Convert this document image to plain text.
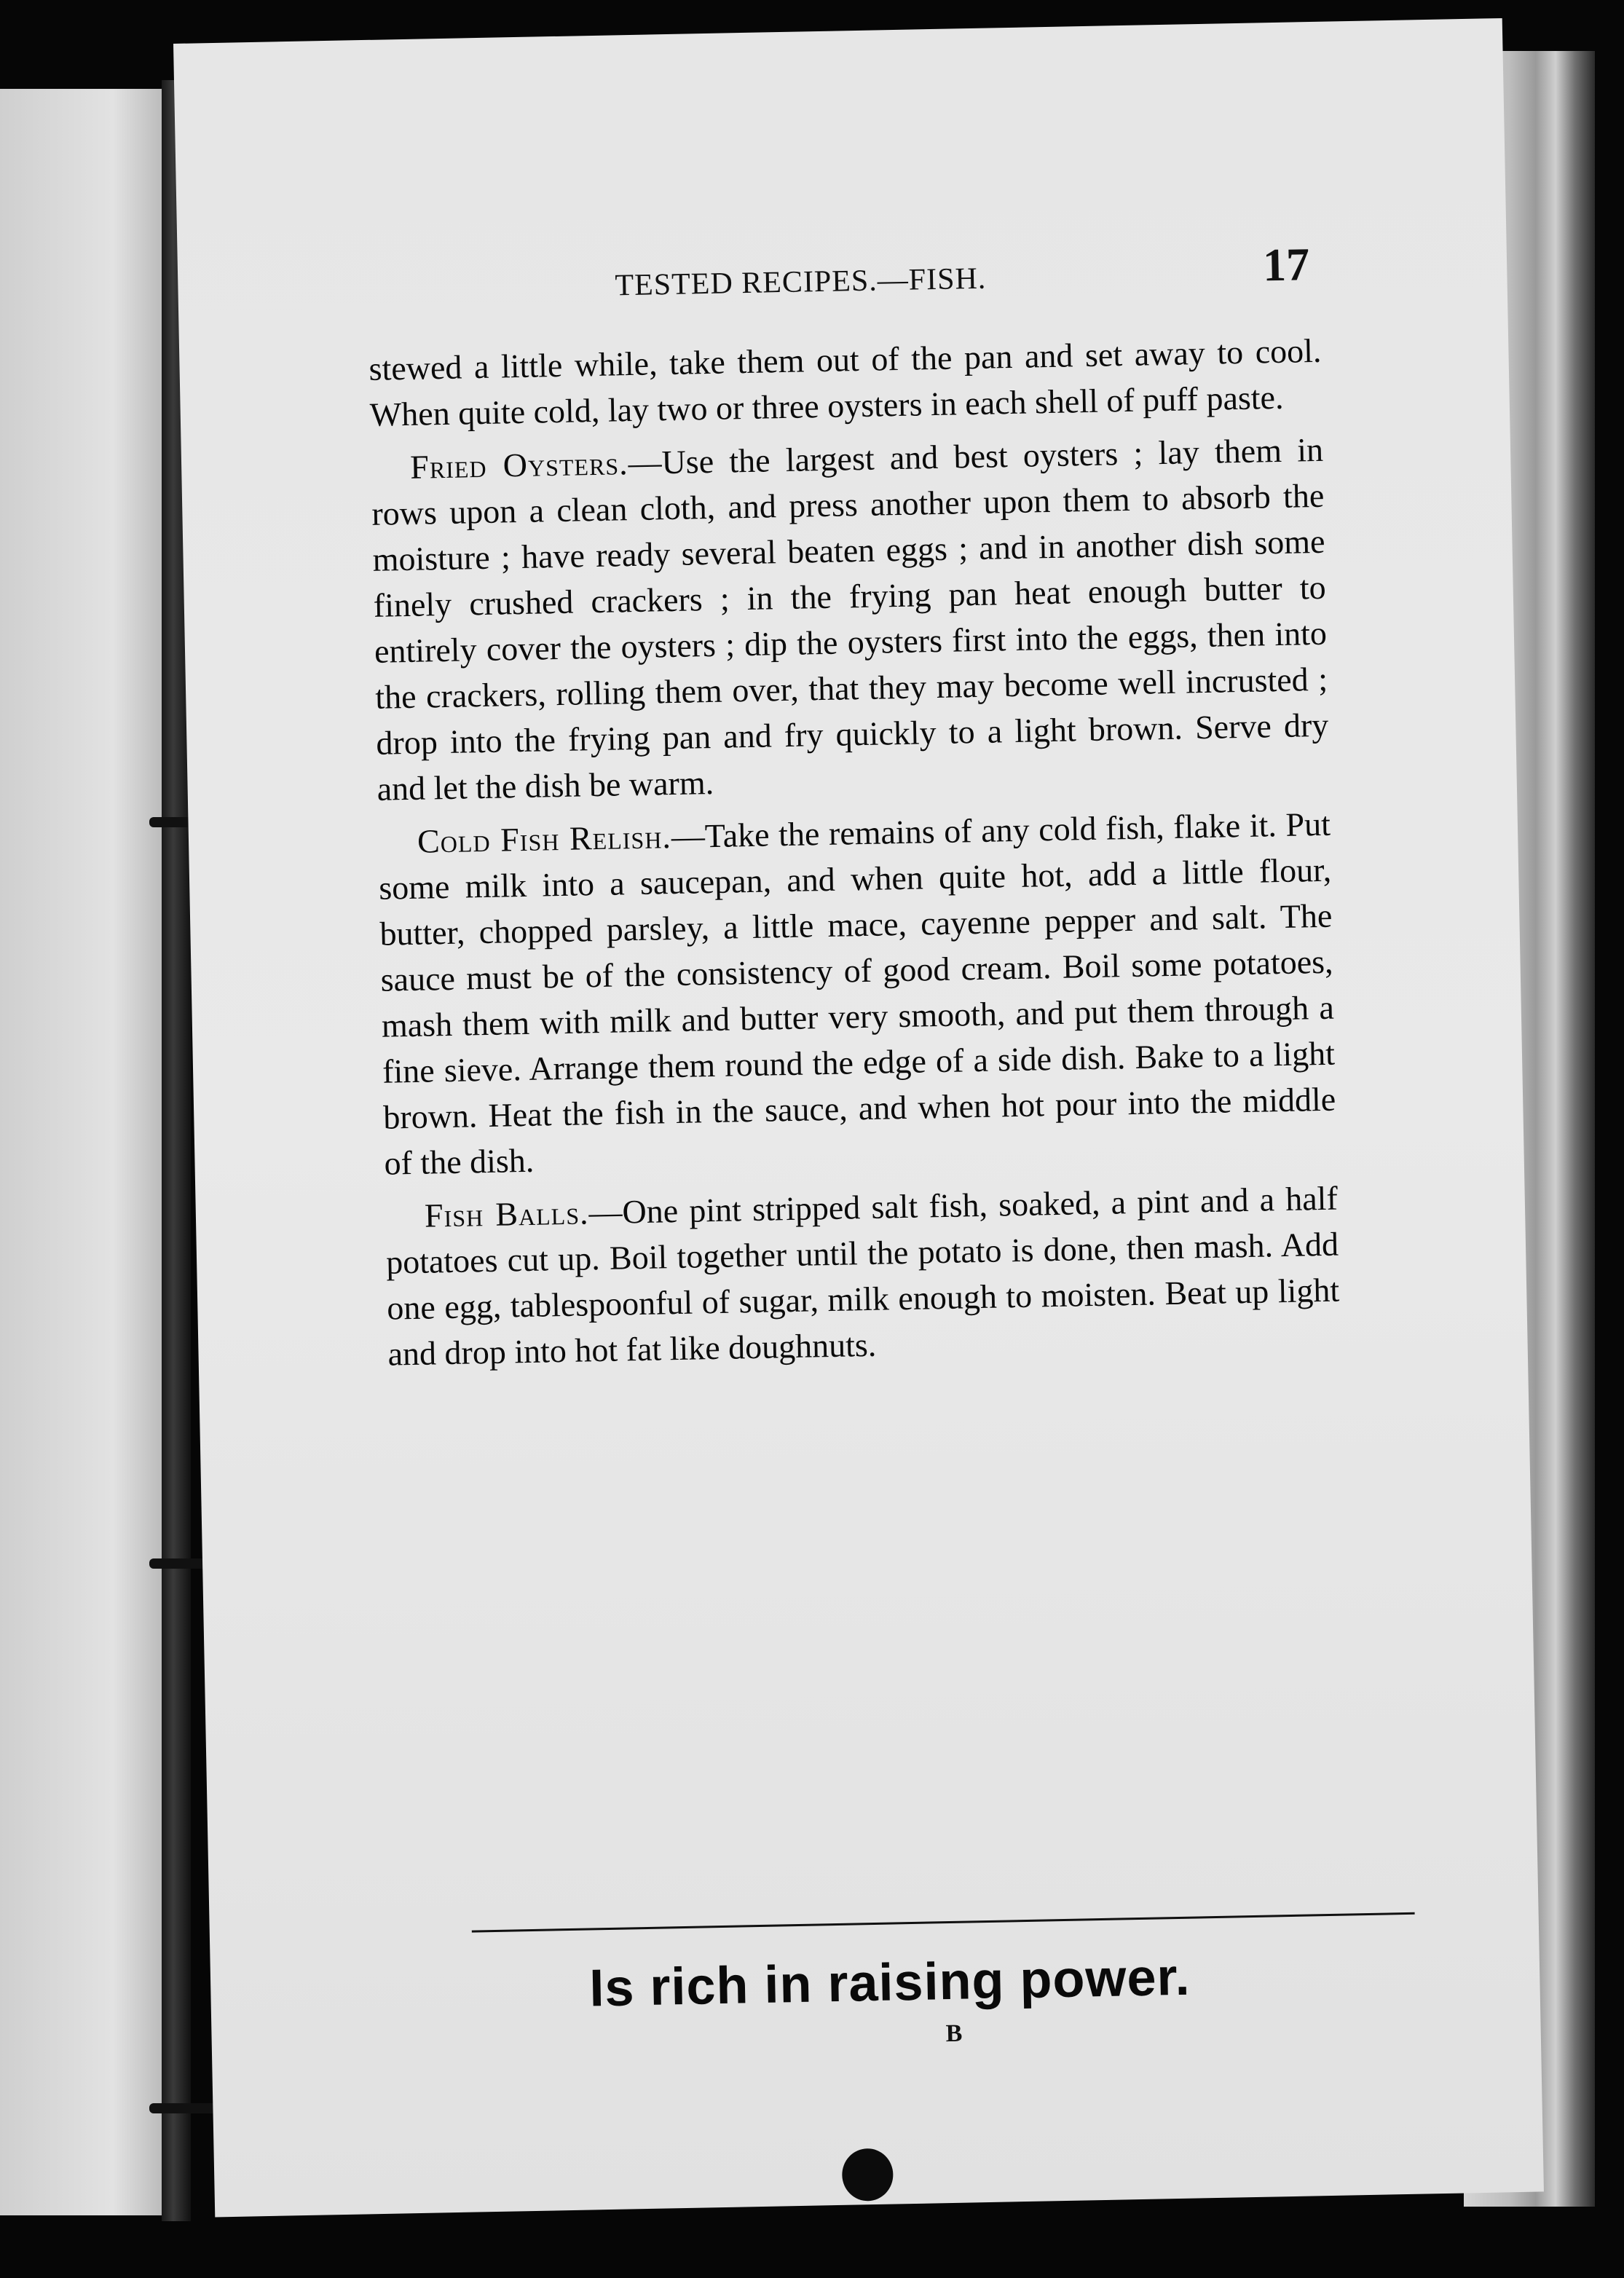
TESTED RECIPES.—FISH.	17

stewed a little while, take them out of the pan and set away to cool. When quite cold, lay two or three oysters in each shell of puff paste.

Fried Oysters.—Use the largest and best oysters ; lay them in rows upon a clean cloth, and press another upon them to absorb the moisture ; have ready several beaten eggs ; and in another dish some finely crushed crackers ; in the frying pan heat enough butter to entirely cover the oysters ; dip the oysters first into the eggs, then into the crackers, rolling them over, that they may become well incrusted ; drop into the frying pan and fry quickly to a light brown. Serve dry and let the dish be warm.

Cold Fish Relish.—Take the remains of any cold fish, flake it. Put some milk into a saucepan, and when quite hot, add a little flour, butter, chopped parsley, a little mace, cayenne pepper and salt. The sauce must be of the consistency of good cream. Boil some potatoes, mash them with milk and butter very smooth, and put them through a fine sieve. Arrange them round the edge of a side dish. Bake to a light brown. Heat the fish in the sauce, and when hot pour into the middle of the dish.

Fish Balls.—One pint stripped salt fish, soaked, a pint and a half potatoes cut up. Boil together until the potato is done, then mash. Add one egg, tablespoonful of sugar, milk enough to moisten. Beat up light and drop into hot fat like doughnuts.

Is rich in raising power.
B
